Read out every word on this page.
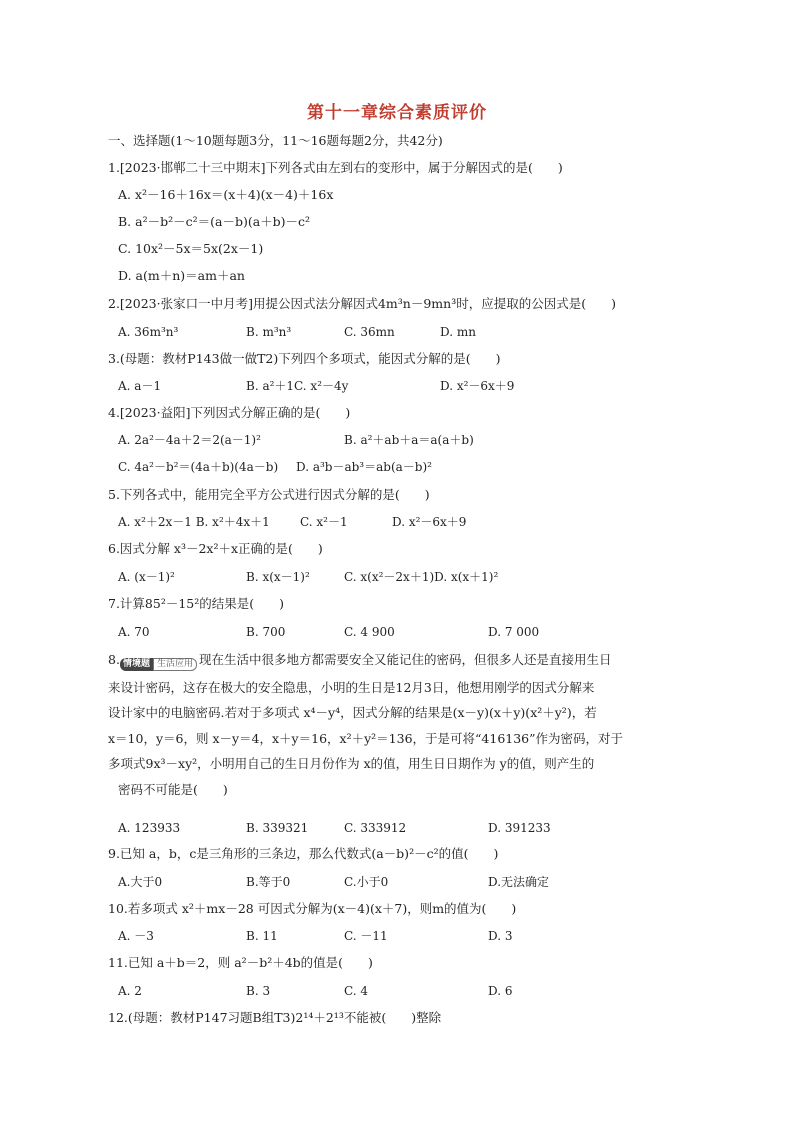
第十一章综合素质评价
一、选择题(1～10题每题3分，11～16题每题2分，共42分)
1.[2023·邯郸二十三中期末]下列各式由左到右的变形中，属于分解因式的是(　　)
A. x²－16＋16x＝(x＋4)(x－4)＋16x
B. a²－b²－c²＝(a－b)(a＋b)－c²
C. 10x²－5x＝5x(2x－1)
D. a(m＋n)＝am＋an
2.[2023·张家口一中月考]用提公因式法分解因式4m³n－9mn³时，应提取的公因式是(　　)
A. 36m³n³	B. m³n³	C. 36mn	D. mn
3.(母题：教材P143做一做T2)下列四个多项式，能因式分解的是(　　)
A. a－1	B. a²＋1C. x²－4y	D. x²－6x＋9
4.[2023·益阳]下列因式分解正确的是(　　)
A. 2a²－4a＋2＝2(a－1)²	B. a²＋ab＋a＝a(a＋b)
C. 4a²－b²＝(4a＋b)(4a－b) D. a³b－ab³＝ab(a－b)²
5.下列各式中，能用完全平方公式进行因式分解的是(　　)
A. x²＋2x－1 B. x²＋4x＋1	C. x²－1	D. x²－6x＋9
6.因式分解 x³－2x²＋x正确的是(　　)
A. (x－1)²	B. x(x－1)²	C. x(x²－2x＋1)D. x(x＋1)²
7.计算85²－15²的结果是(　　)
A. 70	B. 700	C. 4 900	D. 7 000
8. 情境题 生活应用 现在生活中很多地方都需要安全又能记住的密码，但很多人还是直接用生日
来设计密码，这存在极大的安全隐患，小明的生日是12月3日，他想用刚学的因式分解来
设计家中的电脑密码.若对于多项式 x⁴－y⁴，因式分解的结果是(x－y)(x＋y)(x²＋y²)，若
x＝10，y＝6，则 x－y＝4，x＋y＝16，x²＋y²＝136，于是可将“416136”作为密码，对于
多项式9x³－xy²，小明用自己的生日月份作为 x的值，用生日日期作为 y的值，则产生的
密码不可能是(　　)
A. 123933	B. 339321	C. 333912	D. 391233
9.已知 a，b，c是三角形的三条边，那么代数式(a－b)²－c²的值(　　)
A.大于0	B.等于0	C.小于0	D.无法确定
10.若多项式 x²＋mx－28 可因式分解为(x－4)(x＋7)，则m的值为(　　)
A. －3	B. 11	C. －11	D. 3
11.已知 a＋b＝2，则 a²－b²＋4b的值是(　　)
A. 2	B. 3	C. 4	D. 6
12.(母题：教材P147习题B组T3)2¹⁴＋2¹³不能被(　　)整除
